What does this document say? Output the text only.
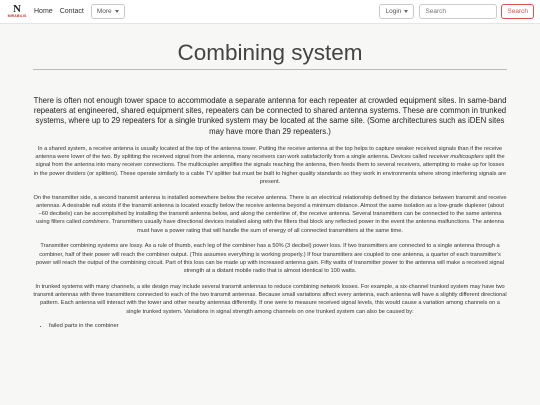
N
MIRABILIS
Home Contact More	Login
Search	Search
Combining system

There is often not enough tower space to accommodate a separate antenna for each repeater at crowded equipment sites. In same-band repeaters at engineered, shared equipment sites, repeaters can be connected to shared antenna systems. These are common in trunked systems, where up to 29 repeaters for a single trunked system may be located at the same site. (Some architectures such as iDEN sites may have more than 29 repeaters.)

In a shared system, a receive antenna is usually located at the top of the antenna tower. Putting the receive antenna at the top helps to capture weaker received signals than if the receive antenna were lower of the two. By splitting the received signal from the antenna, many receivers can work satisfactorily from a single antenna. Devices called receiver multicouplers split the signal from the antenna into many receiver connections. The multicoupler amplifies the signals reaching the antenna, then feeds them to several receivers, attempting to make up for losses in the power dividers (or splitters). These operate similarly to a cable TV splitter but must be built to higher quality standards so they work in environments where strong interfering signals are present.

On the transmitter side, a second transmit antenna is installed somewhere below the receive antenna. There is an electrical relationship defined by the distance between transmit and receive antennas. A desirable null exists if the transmit antenna is located exactly below the receive antenna beyond a minimum distance. Almost the same isolation as a low-grade duplexer (about −60 decibels) can be accomplished by installing the transmit antenna below, and along the centerline of, the receive antenna. Several transmitters can be connected to the same antenna using filters called combiners. Transmitters usually have directional devices installed along with the filters that block any reflected power in the event the antenna malfunctions. The antenna must have a power rating that will handle the sum of energy of all connected transmitters at the same time.

Transmitter combining systems are lossy. As a rule of thumb, each leg of the combiner has a 50% (3 decibel) power loss. If two transmitters are connected to a single antenna through a combiner, half of their power will reach the combiner output. (This assumes everything is working properly.) If four transmitters are coupled to one antenna, a quarter of each transmitter's power will reach the output of the combining circuit. Part of this loss can be made up with increased antenna gain. Fifty watts of transmitter power to the antenna will make a received signal strength at a distant mobile radio that is almost identical to 100 watts.

In trunked systems with many channels, a site design may include several transmit antennas to reduce combining network losses. For example, a six-channel trunked system may have two transmit antennas with three transmitters connected to each of the two transmit antennas. Because small variations affect every antenna, each antenna will have a slightly different directional pattern. Each antenna will interact with the tower and other nearby antennas differently. If one were to measure received signal levels, this would cause a variation among channels on a single trunked system. Variations in signal strength among channels on one trunked system can also be caused by:

• failed parts in the combiner
